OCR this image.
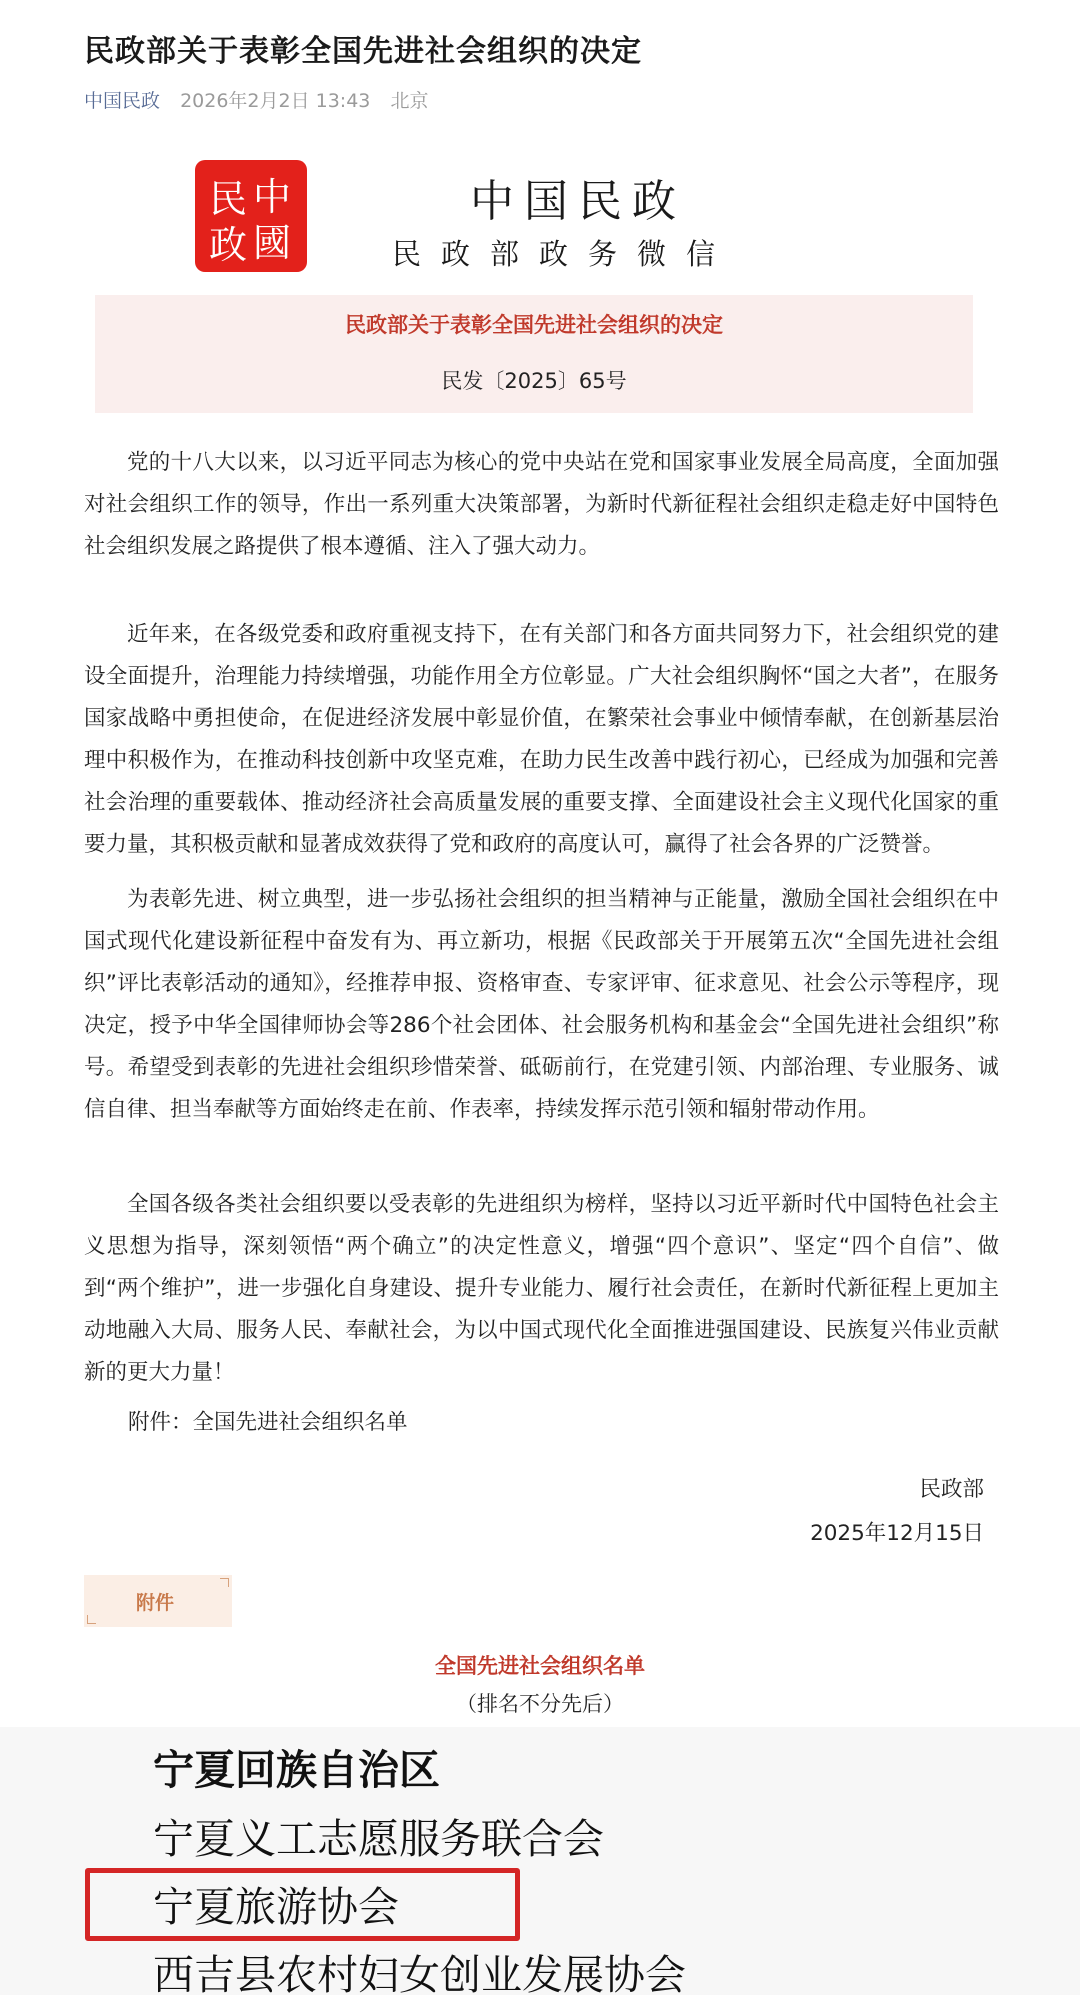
民政部关于表彰全国先进社会组织的决定
中国民政 2026年2月2日 13:43 北京
中
民
國
政
中国民政
民政部政务微信
民政部关于表彰全国先进社会组织的决定
民发〔2025〕65号
党的十八大以来，以习近平同志为核心的党中央站在党和国家事业发展全局高度，全面加强对社会组织工作的领导，作出一系列重大决策部署，为新时代新征程社会组织走稳走好中国特色社会组织发展之路提供了根本遵循、注入了强大动力。
近年来，在各级党委和政府重视支持下，在有关部门和各方面共同努力下，社会组织党的建设全面提升，治理能力持续增强，功能作用全方位彰显。广大社会组织胸怀“国之大者”，在服务国家战略中勇担使命，在促进经济发展中彰显价值，在繁荣社会事业中倾情奉献，在创新基层治理中积极作为，在推动科技创新中攻坚克难，在助力民生改善中践行初心，已经成为加强和完善社会治理的重要载体、推动经济社会高质量发展的重要支撑、全面建设社会主义现代化国家的重要力量，其积极贡献和显著成效获得了党和政府的高度认可，赢得了社会各界的广泛赞誉。
为表彰先进、树立典型，进一步弘扬社会组织的担当精神与正能量，激励全国社会组织在中国式现代化建设新征程中奋发有为、再立新功，根据《民政部关于开展第五次“全国先进社会组织”评比表彰活动的通知》，经推荐申报、资格审查、专家评审、征求意见、社会公示等程序，现决定，授予中华全国律师协会等286个社会团体、社会服务机构和基金会“全国先进社会组织”称号。希望受到表彰的先进社会组织珍惜荣誉、砥砺前行，在党建引领、内部治理、专业服务、诚信自律、担当奉献等方面始终走在前、作表率，持续发挥示范引领和辐射带动作用。
全国各级各类社会组织要以受表彰的先进组织为榜样，坚持以习近平新时代中国特色社会主义思想为指导，深刻领悟“两个确立”的决定性意义，增强“四个意识”、坚定“四个自信”、做到“两个维护”，进一步强化自身建设、提升专业能力、履行社会责任，在新时代新征程上更加主动地融入大局、服务人民、奉献社会，为以中国式现代化全面推进强国建设、民族复兴伟业贡献新的更大力量！
附件：全国先进社会组织名单
民政部
2025年12月15日
附件
全国先进社会组织名单
（排名不分先后）
宁夏回族自治区
宁夏义工志愿服务联合会
宁夏旅游协会
西吉县农村妇女创业发展协会
